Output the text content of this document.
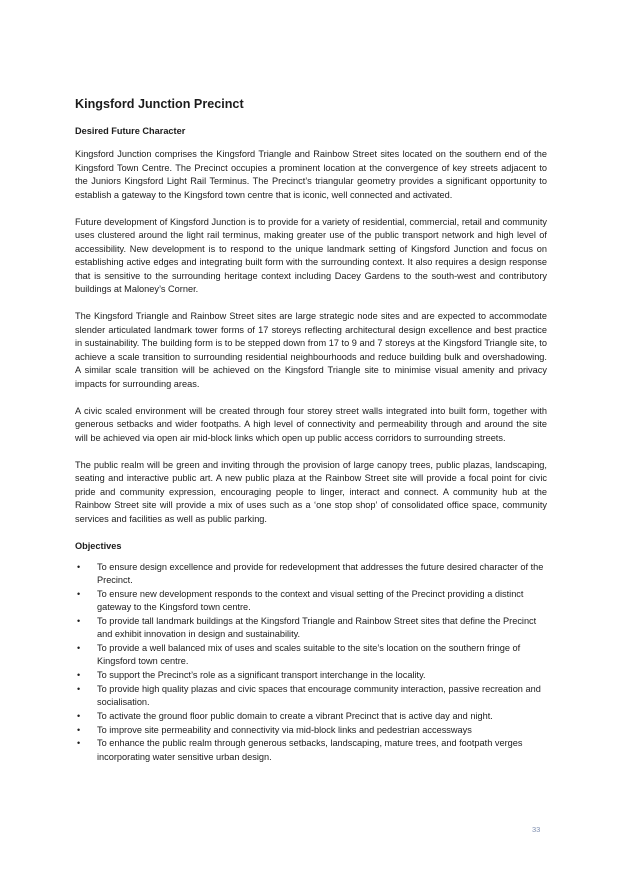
Kingsford Junction Precinct
Desired Future Character

Kingsford Junction comprises the Kingsford Triangle and Rainbow Street sites located on the southern end of the Kingsford Town Centre. The Precinct occupies a prominent location at the convergence of key streets adjacent to the Juniors Kingsford Light Rail Terminus. The Precinct’s triangular geometry provides a significant opportunity to establish a gateway to the Kingsford town centre that is iconic, well connected and activated.

Future development of Kingsford Junction is to provide for a variety of residential, commercial, retail and community uses clustered around the light rail terminus, making greater use of the public transport network and high level of accessibility. New development is to respond to the unique landmark setting of Kingsford Junction and focus on establishing active edges and integrating built form with the surrounding context. It also requires a design response that is sensitive to the surrounding heritage context including Dacey Gardens to the south-west and contributory buildings at Maloney’s Corner.

The Kingsford Triangle and Rainbow Street sites are large strategic node sites and are expected to accommodate slender articulated landmark tower forms of 17 storeys reflecting architectural design excellence and best practice in sustainability. The building form is to be stepped down from 17 to 9 and 7 storeys at the Kingsford Triangle site, to achieve a scale transition to surrounding residential neighbourhoods and reduce building bulk and overshadowing. A similar scale transition will be achieved on the Kingsford Triangle site to minimise visual amenity and privacy impacts for surrounding areas.

A civic scaled environment will be created through four storey street walls integrated into built form, together with generous setbacks and wider footpaths. A high level of connectivity and permeability through and around the site will be achieved via open air mid-block links which open up public access corridors to surrounding streets.

The public realm will be green and inviting through the provision of large canopy trees, public plazas, landscaping, seating and interactive public art. A new public plaza at the Rainbow Street site will provide a focal point for civic pride and community expression, encouraging people to linger, interact and connect. A community hub at the Rainbow Street site will provide a mix of uses such as a ‘one stop shop’ of consolidated office space, community services and facilities as well as public parking.

Objectives
• To ensure design excellence and provide for redevelopment that addresses the future desired character of the Precinct.
• To ensure new development responds to the context and visual setting of the Precinct providing a distinct gateway to the Kingsford town centre.
• To provide tall landmark buildings at the Kingsford Triangle and Rainbow Street sites that define the Precinct and exhibit innovation in design and sustainability.
• To provide a well balanced mix of uses and scales suitable to the site’s location on the southern fringe of Kingsford town centre.
• To support the Precinct’s role as a significant transport interchange in the locality.
• To provide high quality plazas and civic spaces that encourage community interaction, passive recreation and socialisation.
• To activate the ground floor public domain to create a vibrant Precinct that is active day and night.
• To improve site permeability and connectivity via mid-block links and pedestrian accessways
• To enhance the public realm through generous setbacks, landscaping, mature trees, and footpath verges incorporating water sensitive urban design.
33
